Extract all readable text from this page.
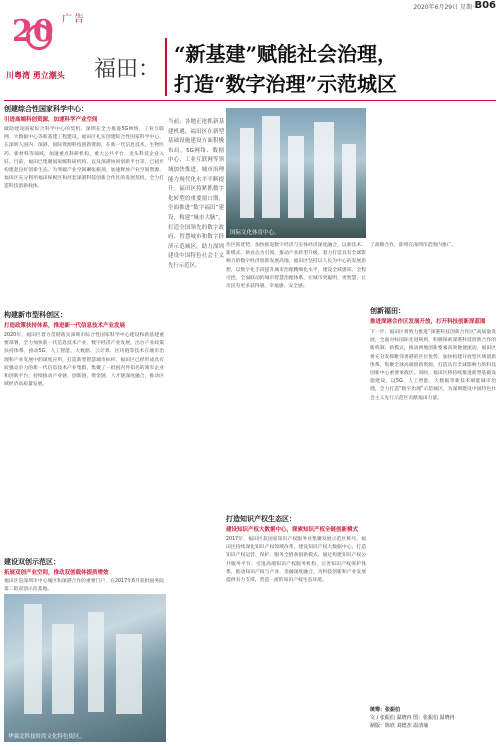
广告
2020年6月29日 星期一
B06
20
川粤湾 勇立潮头 福田：
“新基建”赋能社会治理，
打造“数字治理”示范城区
创建综合性国家科学中心：
引进高端科创资源，加速科学产业空间
做助建设国家综合科学中心的契机，深圳在全力推进5G网络、工业互联网、大数据中心等新基建工程建设。福田区扎实创建综合性国家科学中心，在深圳人国内、深港、国际资源科技创新资源，在新一代信息技术、生物医药、新材料等领域，加速重点科研机构、重大公共平台、龙头科技企业入驻。目前，福田已集聚国家级科研机构、以及深港协同创新平台等，已初步构建起良好创新生态。为突破产业空间紧张瓶颈，加速释放产业空间资源，福田区充分利用福田保税区和河套深港科技创新合作区的发展契机，全力打造科技创新载体。
构建新市型科创区：
打造政策扶持体系，推进新一代信息技术产业发展
2020年，福田区着力贯彻落实深圳市综合性国家科学中心建设和新基建重要部署，全力加快新一代信息技术产业、数字经济产业发展，出台产业政策扶持体系，推动5G、人工智能、大数据、云计算、区块链等技术在城市治理和产业发展中的深度应用，打造新型智慧城市标杆。福田区已经形成具有较强竞争力的新一代信息技术产业集群，集聚了一批国内外知名的领军企业和创新平台，持续推动产业链、创新链、资金链、人才链深度融合，推动区域经济高质量发展。
建设双创示范区：
拓展双创产业空间，推动双创载体提质增效
福田区是深圳市中心城区和深港合作的重要门户，在2017年6月获批国务院第二批双创示范基地。
华强北科技时尚文化特色街区。
当前，各地正抢抓新基建机遇，福田区在新型基础设施建设方面积极布局，5G网络、数据中心、工业互联网等领域加快推进，城市治理能力现代化水平不断提升。福田区将紧抓数字化转型的重要窗口期，全面推进“数字福田”建设，构建“城市大脑”，打造全国领先的数字政府、智慧城市和数字经济示范城区，助力深圳建设中国特色社会主义先行示范区。
国际文化体育中心。
作区的优势，加快推进数字经济与实体经济深度融合，以新技术、新模式、新业态为引领，推动产业转型升级，着力打造具有全球影响力的数字经济创新发展高地。福田区坚持以人民为中心的发展思想，以数字化手段提升城市治理精细化水平，建设全域感知、全程可控、全面联动的城市智慧治理体系，让城市更聪明、更智慧，让市民有更多获得感、幸福感、安全感。
打造知识产权生态区：
建设知识产权大数据中心，探索知识产权全链创新模式
2017年，福田区获国家知识产权服务业集聚发展示范区称号。福田区持续深化知识产权领域改革，建设知识产权大数据中心，打造知识产权运营、保护、服务全链条创新模式。通过构建知识产权公共服务平台、引进高端知识产权服务机构、完善知识产权保护体系，推动知识产权与产业、金融深度融合，为科技创新和产业发展提供有力支撑，营造一流的知识产权生态环境。
了战略合作，即将在深圳市范围内推广。
创新福田：
推进深港合作区发展开放，打开科技创新深蓝图
下一步，福田区将致力推进“深港科技创新合作区”高质量发展，全面对标国际先进规则，积极探索深港科技创新合作的新机制、新模式，推动两地创新要素高效便捷流动。福田区将充分发挥毗邻香港的区位优势，加快构建开放型区域创新体系，集聚全球高端创新资源，打造具有全球影响力的科技创新中心重要承载区。同时，福田区将持续推进新型基础设施建设，以5G、人工智能、大数据等新技术赋能城市治理，全力打造“数字治理”示范城区，为深圳建设中国特色社会主义先行示范区贡献福田力量。
统筹：张振伯
文 / 张振伯 温晓冉 图：张振伯 温晓冉
制版：陈欣 刘德杰 温清瑜
